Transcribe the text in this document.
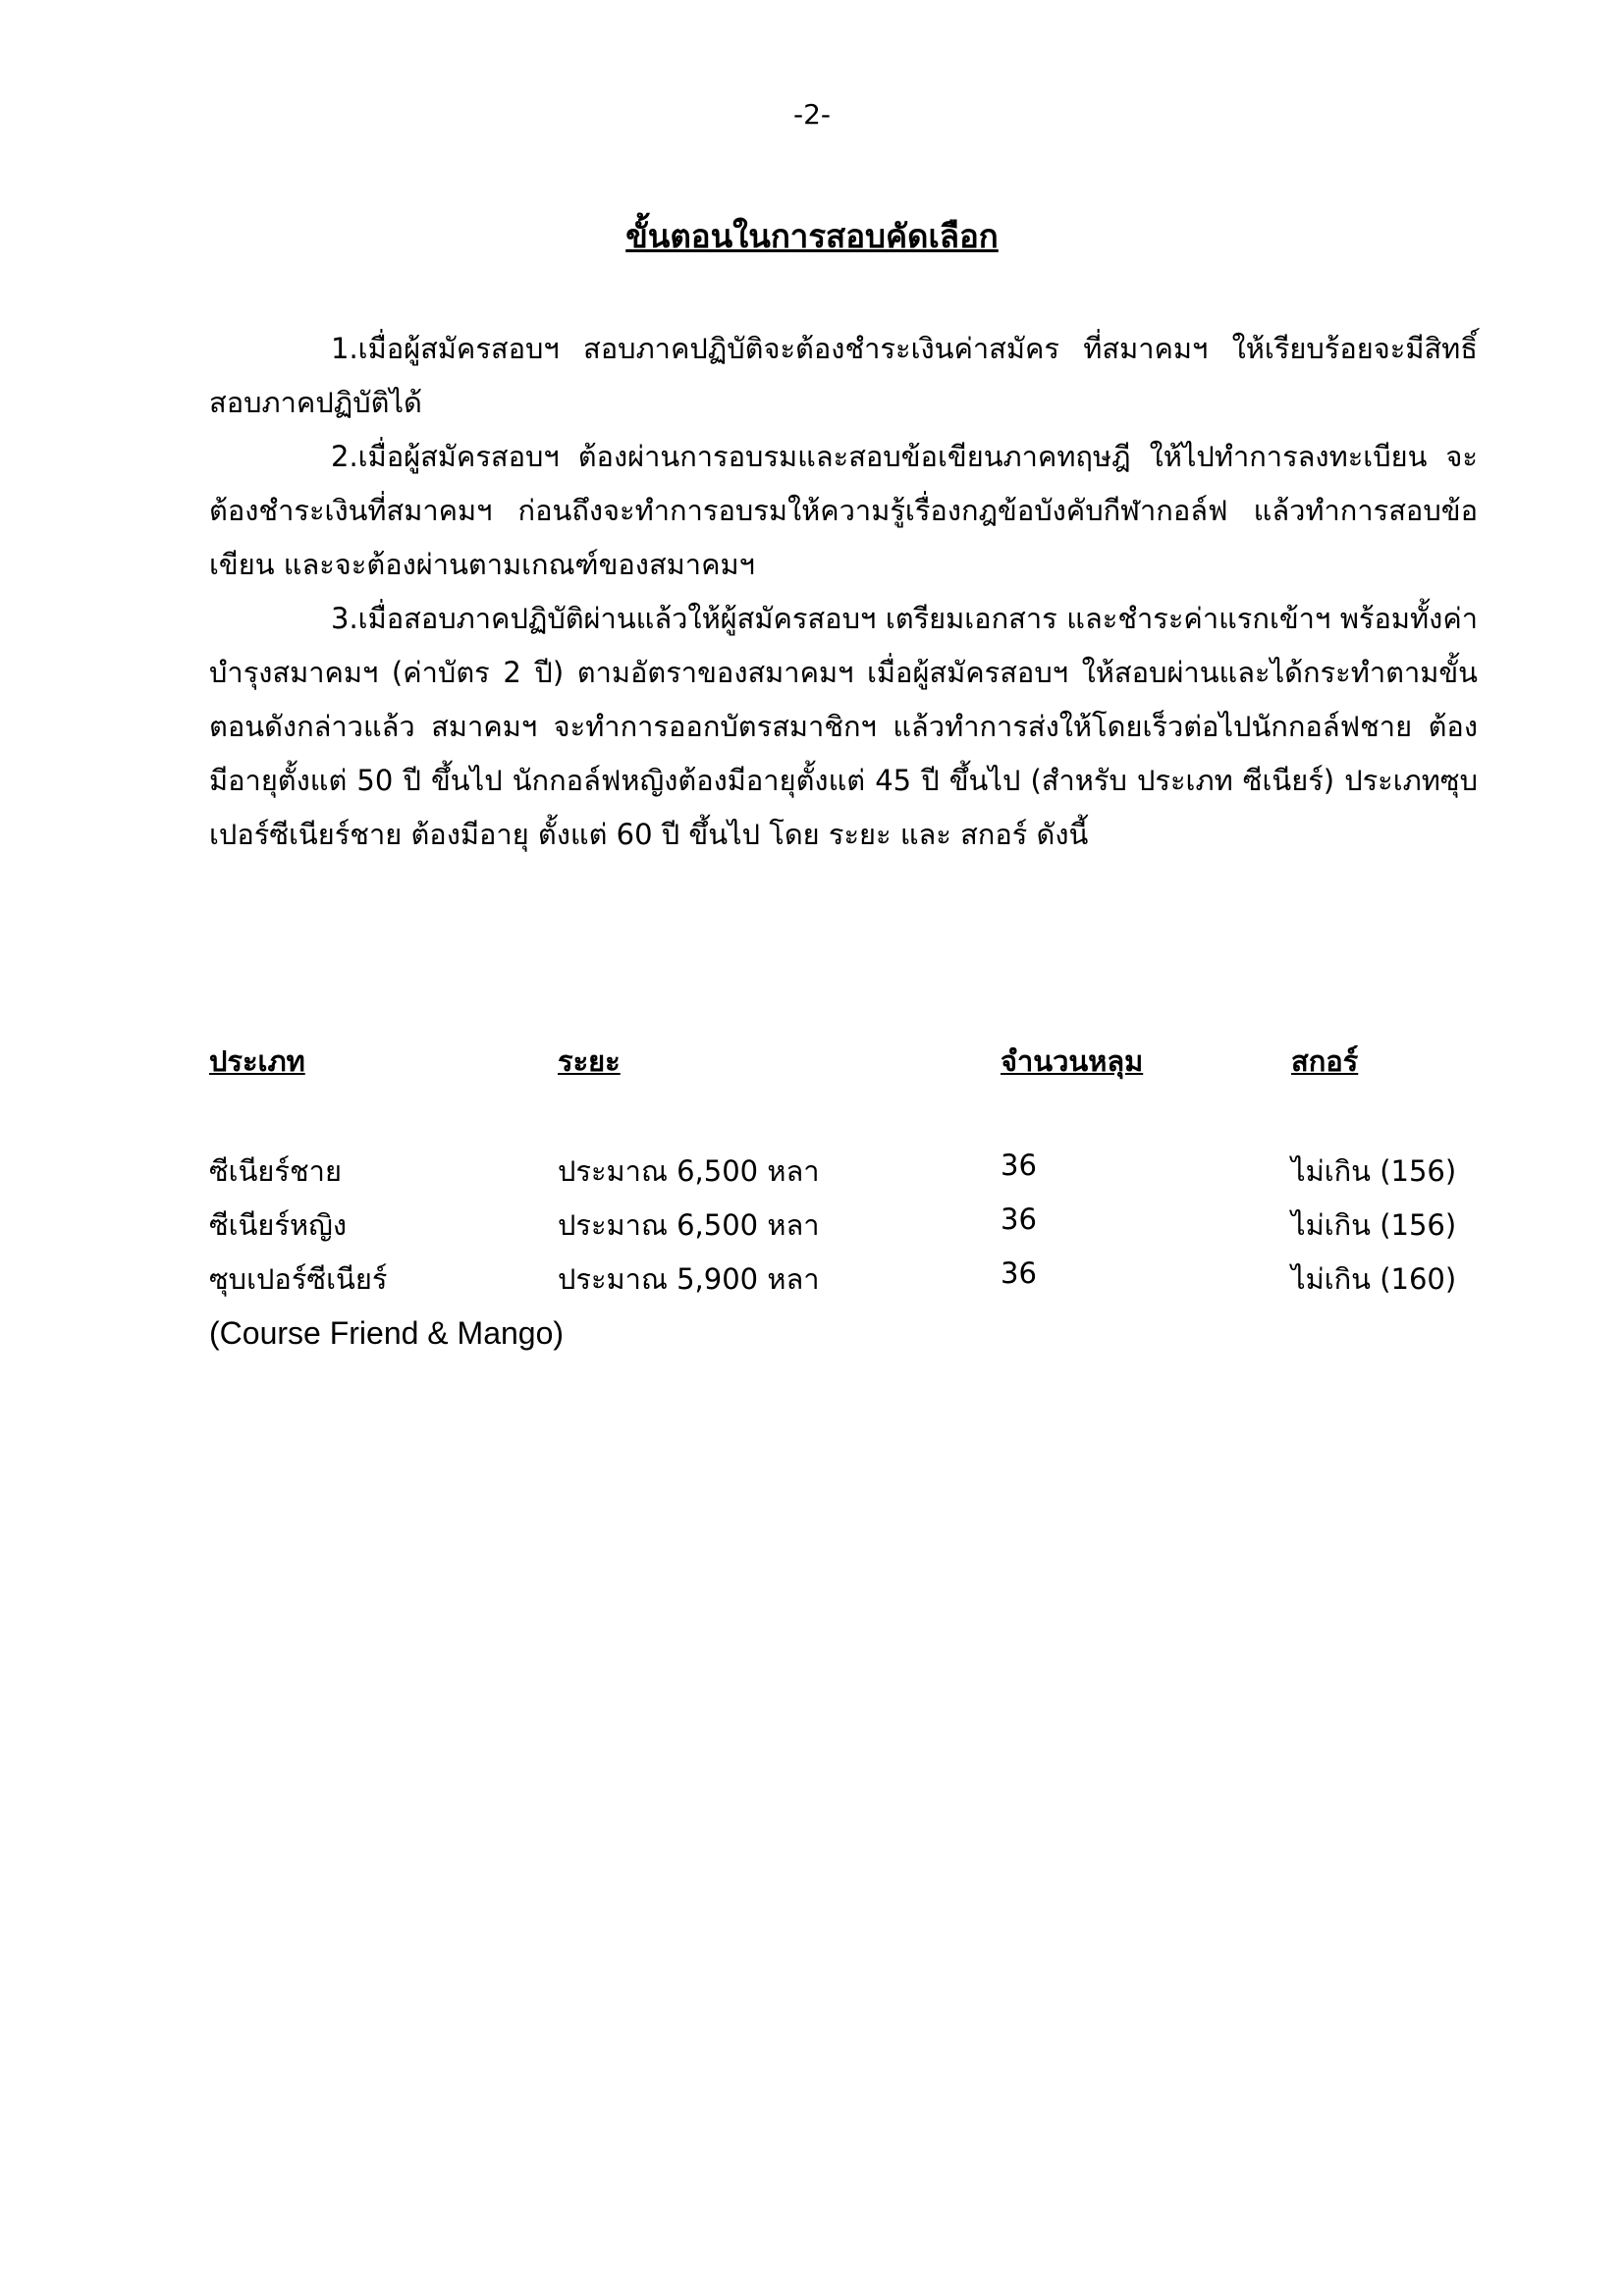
-2-
ขั้นตอนในการสอบคัดเลือก

1.เมื่อผู้สมัครสอบฯ สอบภาคปฏิบัติจะต้องชำระเงินค่าสมัคร ที่สมาคมฯ ให้เรียบร้อยจะมีสิทธิ์สอบภาคปฏิบัติได้

2.เมื่อผู้สมัครสอบฯ ต้องผ่านการอบรมและสอบข้อเขียนภาคทฤษฎี ให้ไปทำการลงทะเบียน จะต้องชำระเงินที่สมาคมฯ ก่อนถึงจะทำการอบรมให้ความรู้เรื่องกฎข้อบังคับกีฬากอล์ฟ แล้วทำการสอบข้อเขียน และจะต้องผ่านตามเกณฑ์ของสมาคมฯ

3.เมื่อสอบภาคปฏิบัติผ่านแล้วให้ผู้สมัครสอบฯ เตรียมเอกสาร และชำระค่าแรกเข้าฯ พร้อมทั้งค่าบำรุงสมาคมฯ (ค่าบัตร 2 ปี) ตามอัตราของสมาคมฯ เมื่อผู้สมัครสอบฯ ให้สอบผ่านและได้กระทำตามขั้นตอนดังกล่าวแล้ว สมาคมฯ จะทำการออกบัตรสมาชิกฯ แล้วทำการส่งให้โดยเร็วต่อไปนักกอล์ฟชาย ต้องมีอายุตั้งแต่ 50 ปี ขึ้นไป นักกอล์ฟหญิงต้องมีอายุตั้งแต่ 45 ปี ขึ้นไป (สำหรับ ประเภท ซีเนียร์) ประเภทซุบเปอร์ซีเนียร์ชาย ต้องมีอายุ ตั้งแต่ 60 ปี ขึ้นไป โดย ระยะ และ สกอร์ ดังนี้

ประเภท	ระยะ	จำนวนหลุม	สกอร์
ซีเนียร์ชาย	ประมาณ 6,500 หลา	36	ไม่เกิน (156)
ซีเนียร์หญิง	ประมาณ 6,500 หลา	36	ไม่เกิน (156)
ซุบเปอร์ซีเนียร์	ประมาณ 5,900 หลา	36	ไม่เกิน (160)
(Course Friend & Mango)
